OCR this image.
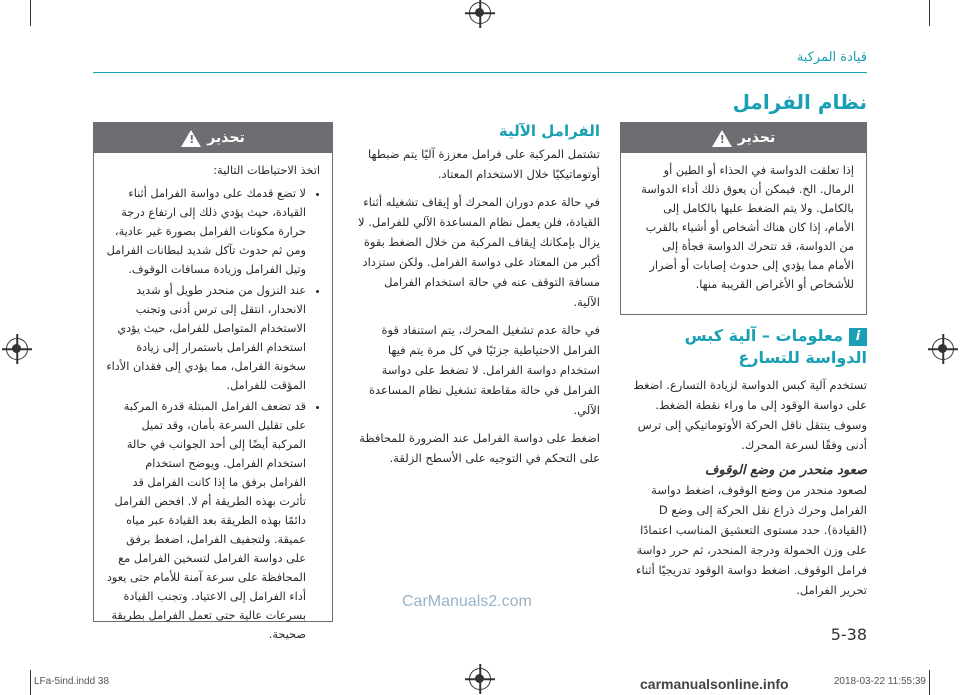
قيادة المركبة
نظام الفرامل
تحذير
!

اتخذ الاحتياطات التالية:

• لا تضع قدمك على دواسة الفرامل أثناء القيادة، حيث يؤدي ذلك إلى ارتفاع درجة حرارة مكونات الفرامل بصورة غير عادية، ومن ثم حدوث تآكل شديد لبطانات الفرامل وتيل الفرامل وزيادة مسافات الوقوف.
• عند النزول من منحدر طويل أو شديد الانحدار، انتقل إلى ترس أدنى وتجنب الاستخدام المتواصل للفرامل، حيث يؤدي استخدام الفرامل باستمرار إلى زيادة سخونة الفرامل، مما يؤدي إلى فقدان الأداء المؤقت للفرامل.
• قد تضعف الفرامل المبتلة قدرة المركبة على تقليل السرعة بأمان، وقد تميل المركبة أيضًا إلى أحد الجوانب في حالة استخدام الفرامل. ويوضح استخدام الفرامل برفق ما إذا كانت الفرامل قد تأثرت بهذه الطريقة أم لا. افحص الفرامل دائمًا بهذه الطريقة بعد القيادة عبر مياه عميقة. ولتجفيف الفرامل، اضغط برفق على دواسة الفرامل لتسخين الفرامل مع المحافظة على سرعة آمنة للأمام حتى يعود أداء الفرامل إلى الاعتياد. وتجنب القيادة بسرعات عالية حتى تعمل الفرامل بطريقة صحيحة.
الفرامل الآلية

تشتمل المركبة على فرامل معززة آليًا يتم ضبطها أوتوماتيكيًا خلال الاستخدام المعتاد.

في حالة عدم دوران المحرك أو إيقاف تشغيله أثناء القيادة، فلن يعمل نظام المساعدة الآلي للفرامل. لا يزال بإمكانك إيقاف المركبة من خلال الضغط بقوة أكبر من المعتاد على دواسة الفرامل. ولكن ستزداد مسافة التوقف عنه في حالة استخدام الفرامل الآلية.

في حالة عدم تشغيل المحرك، يتم استنفاد قوة الفرامل الاحتياطية جزئيًا في كل مرة يتم فيها استخدام دواسة الفرامل. لا تضغط على دواسة الفرامل في حالة مقاطعة تشغيل نظام المساعدة الآلي.

اضغط على دواسة الفرامل عند الضرورة للمحافظة على التحكم في التوجيه على الأسطح الزلقة.

تحذير
!

إذا تعلقت الدواسة في الحذاء أو الطين أو الرمال. الخ. فيمكن أن يعوق ذلك أداء الدواسة بالكامل. ولا يتم الضغط عليها بالكامل إلى الأمام، إذا كان هناك أشخاص أو أشياء بالقرب من الدواسة، قد تتحرك الدواسة فجأة إلى الأمام مما يؤدي إلى حدوث إصابات أو أضرار للأشخاص أو الأغراض القريبة منها.

iمعلومات – آلية كبس الدواسة للتسارع

تستخدم آلية كبس الدواسة لزيادة التسارع. اضغط على دواسة الوقود إلى ما وراء نقطة الضغط. وسوف ينتقل ناقل الحركة الأوتوماتيكي إلى ترس أدنى وفقًا لسرعة المحرك.

صعود منحدر من وضع الوقوف

لصعود منحدر من وضع الوقوف، اضغط دواسة الفرامل وحرك ذراع نقل الحركة إلى وضع D (القيادة). حدد مستوى التعشيق المناسب اعتمادًا على وزن الحمولة ودرجة المنحدر، ثم حرر دواسة فرامل الوقوف. اضغط دواسة الوقود تدريجيًا أثناء تحرير الفرامل.

CarManuals2.com
5-38
LFa-5ind.indd 38	carmanualsonline.info	2018-03-22 11:55:39
